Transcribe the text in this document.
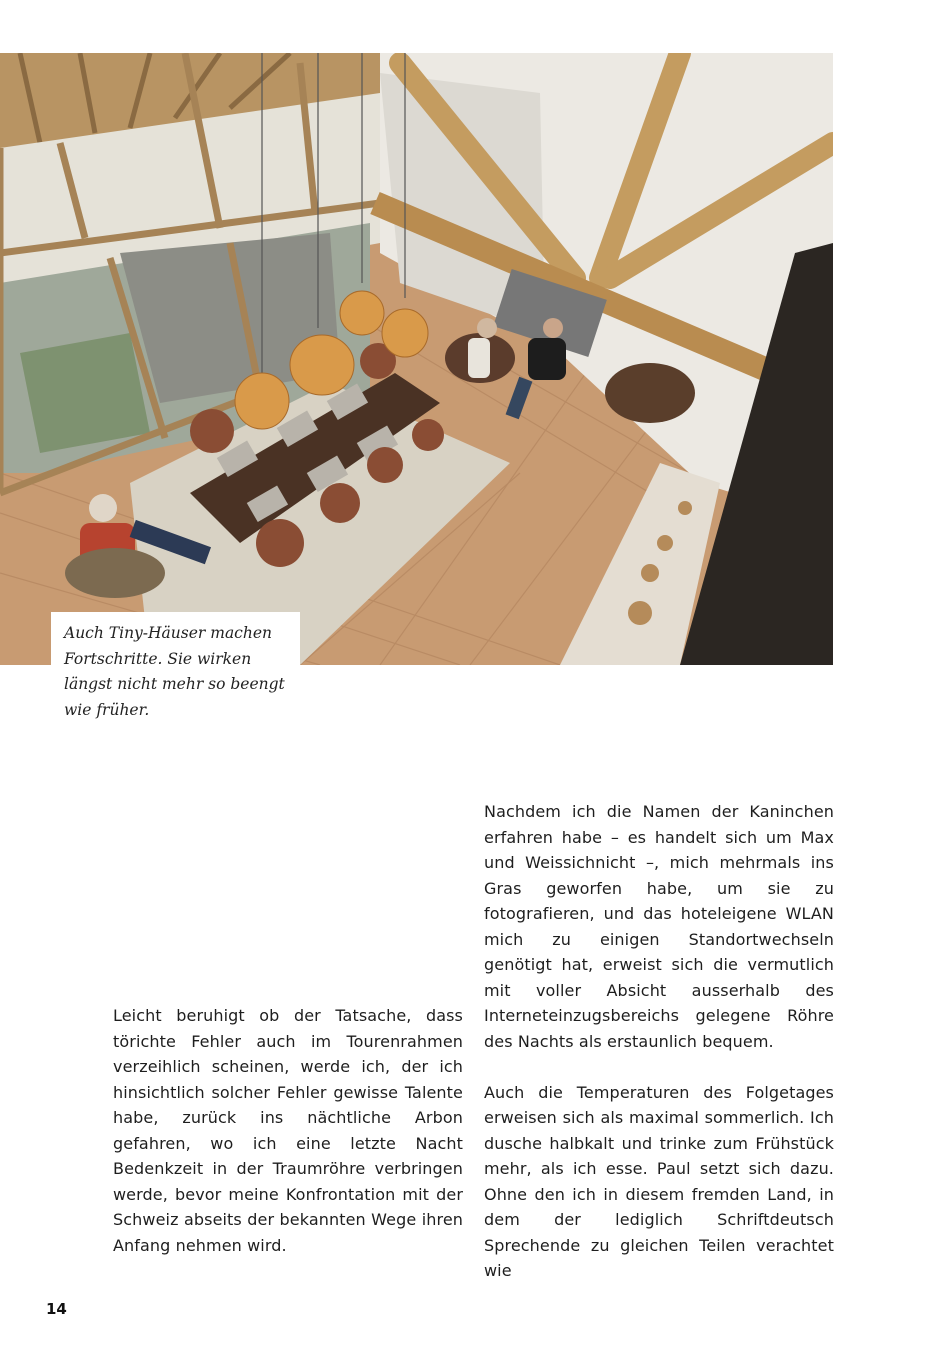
Auch Tiny-Häuser machen Fortschritte. Sie wirken längst nicht mehr so beengt wie früher.

Nachdem ich die Namen der Kaninchen erfahren habe – es handelt sich um Max und Weissichnicht –, mich mehrmals ins Gras geworfen habe, um sie zu fotografieren, und das hoteleigene WLAN mich zu einigen Standortwechseln genötigt hat, erweist sich die vermutlich mit voller Absicht ausserhalb des Interneteinzugsbereichs gelegene Röhre des Nachts als erstaunlich bequem.

Auch die Temperaturen des Folgetages erweisen sich als maximal sommerlich. Ich dusche halbkalt und trinke zum Frühstück mehr, als ich esse. Paul setzt sich dazu. Ohne den ich in diesem fremden Land, in dem der lediglich Schriftdeutsch Sprechende zu gleichen Teilen verachtet wie

Leicht beruhigt ob der Tatsache, dass törichte Fehler auch im Tourenrahmen verzeihlich scheinen, werde ich, der ich hinsichtlich solcher Fehler gewisse Talente habe, zurück ins nächtliche Arbon gefahren, wo ich eine letzte Nacht Bedenkzeit in der Traumröhre verbringen werde, bevor meine Konfrontation mit der Schweiz abseits der bekannten Wege ihren Anfang nehmen wird.

14
